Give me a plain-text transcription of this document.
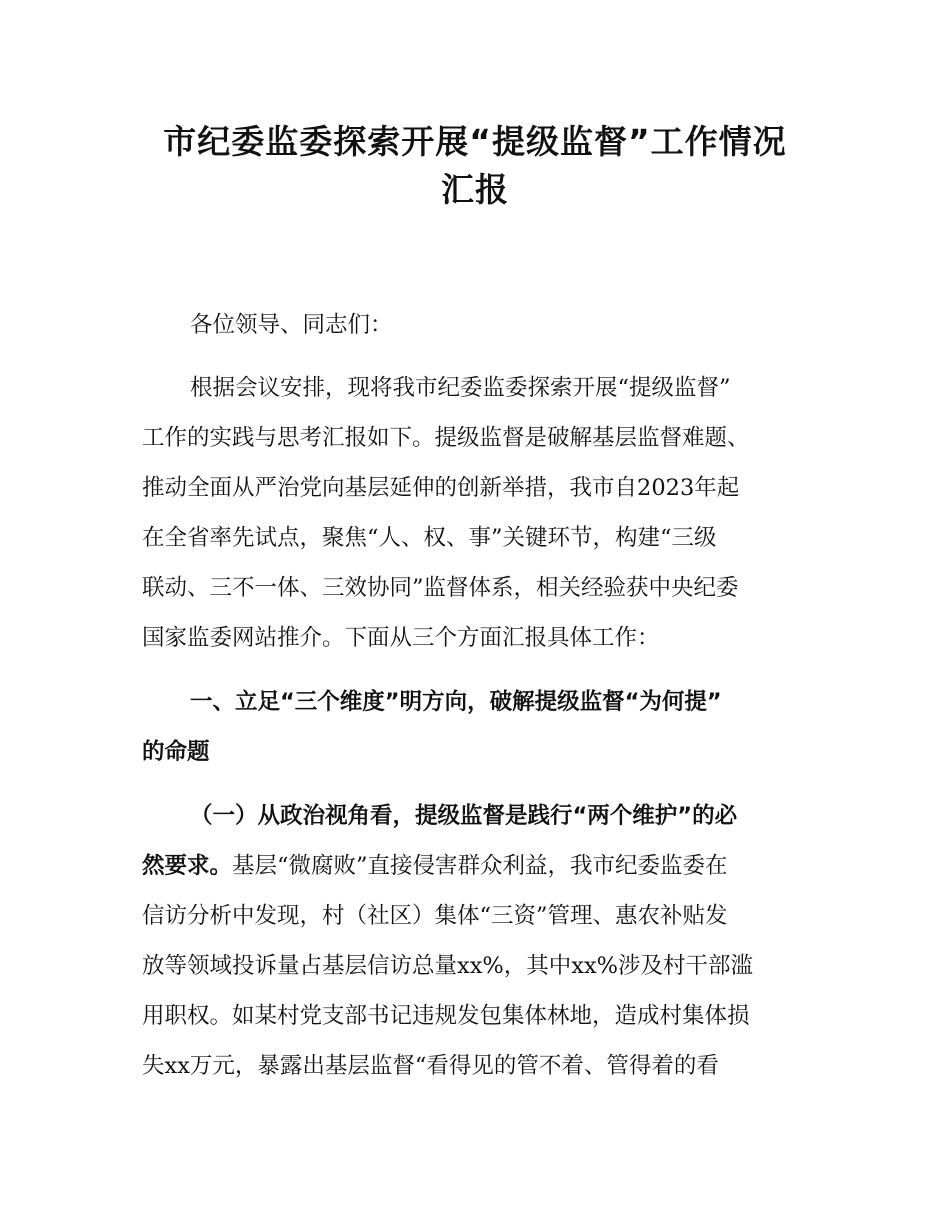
市纪委监委探索开展“提级监督”工作情况
汇报

各位领导、同志们：

根据会议安排，现将我市纪委监委探索开展“提级监督”

工作的实践与思考汇报如下。提级监督是破解基层监督难题、

推动全面从严治党向基层延伸的创新举措，我市自2023年起

在全省率先试点，聚焦“人、权、事”关键环节，构建“三级

联动、三不一体、三效协同”监督体系，相关经验获中央纪委

国家监委网站推介。下面从三个方面汇报具体工作：

一、立足“三个维度”明方向，破解提级监督“为何提”

的命题

（一）从政治视角看，提级监督是践行“两个维护”的必

然要求。基层“微腐败”直接侵害群众利益，我市纪委监委在

信访分析中发现，村（社区）集体“三资”管理、惠农补贴发

放等领域投诉量占基层信访总量xx%，其中xx%涉及村干部滥

用职权。如某村党支部书记违规发包集体林地，造成村集体损

失xx万元，暴露出基层监督“看得见的管不着、管得着的看
